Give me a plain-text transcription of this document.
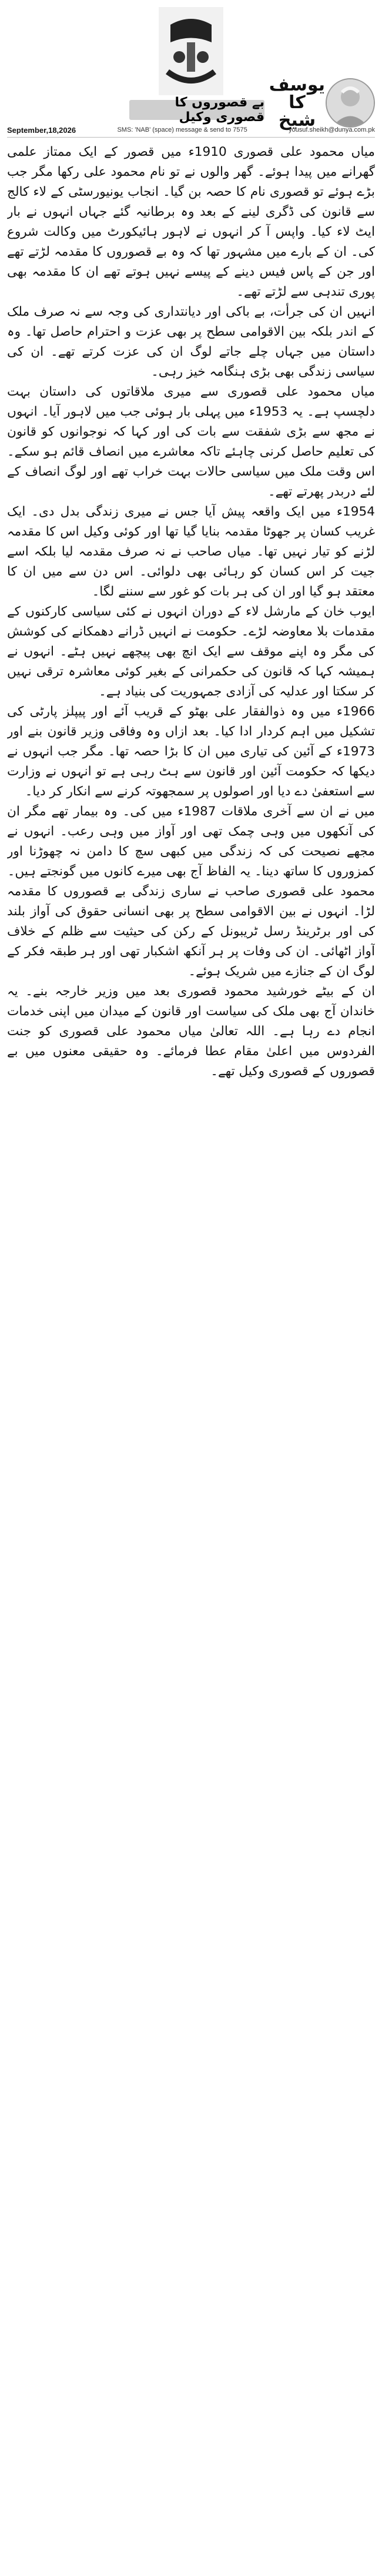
بے قصوروں کا قصوری وکیل
یوسف کا شیخ
September,18,2026	SMS: 'NAB' (space) message & send to 7575	yousuf.sheikh@dunya.com.pk

میاں محمود علی قصوری 1910ء میں قصور کے ایک ممتاز علمی گھرانے میں پیدا ہوئے۔ گھر والوں نے تو نام محمود علی رکھا مگر جب بڑے ہوئے تو قصوری نام کا حصہ بن گیا۔ انجاب یونیورسٹی کے لاء کالج سے قانون کی ڈگری لینے کے بعد وہ برطانیہ گئے جہاں انہوں نے بار ایٹ لاء کیا۔ واپس آ کر انہوں نے لاہور ہائیکورٹ میں وکالت شروع کی۔ ان کے بارے میں مشہور تھا کہ وہ بے قصوروں کا مقدمہ لڑتے تھے اور جن کے پاس فیس دینے کے پیسے نہیں ہوتے تھے ان کا مقدمہ بھی پوری تندہی سے لڑتے تھے۔

انہیں ان کی جرأت، بے باکی اور دیانتداری کی وجہ سے نہ صرف ملک کے اندر بلکہ بین الاقوامی سطح پر بھی عزت و احترام حاصل تھا۔ وہ داستان میں جہاں چلے جاتے لوگ ان کی عزت کرتے تھے۔ ان کی سیاسی زندگی بھی بڑی ہنگامہ خیز رہی۔

میاں محمود علی قصوری سے میری ملاقاتوں کی داستان بہت دلچسپ ہے۔ یہ 1953ء میں پہلی بار ہوئی جب میں لاہور آیا۔ انہوں نے مجھ سے بڑی شفقت سے بات کی اور کہا کہ نوجوانوں کو قانون کی تعلیم حاصل کرنی چاہئے تاکہ معاشرے میں انصاف قائم ہو سکے۔ اس وقت ملک میں سیاسی حالات بہت خراب تھے اور لوگ انصاف کے لئے دربدر پھرتے تھے۔

1954ء میں ایک واقعہ پیش آیا جس نے میری زندگی بدل دی۔ ایک غریب کسان پر جھوٹا مقدمہ بنایا گیا تھا اور کوئی وکیل اس کا مقدمہ لڑنے کو تیار نہیں تھا۔ میاں صاحب نے نہ صرف مقدمہ لیا بلکہ اسے جیت کر اس کسان کو رہائی بھی دلوائی۔ اس دن سے میں ان کا معتقد ہو گیا اور ان کی ہر بات کو غور سے سننے لگا۔

ایوب خان کے مارشل لاء کے دوران انہوں نے کئی سیاسی کارکنوں کے مقدمات بلا معاوضہ لڑے۔ حکومت نے انہیں ڈرانے دھمکانے کی کوشش کی مگر وہ اپنے موقف سے ایک انچ بھی پیچھے نہیں ہٹے۔ انہوں نے ہمیشہ کہا کہ قانون کی حکمرانی کے بغیر کوئی معاشرہ ترقی نہیں کر سکتا اور عدلیہ کی آزادی جمہوریت کی بنیاد ہے۔

1966ء میں وہ ذوالفقار علی بھٹو کے قریب آئے اور پیپلز پارٹی کی تشکیل میں اہم کردار ادا کیا۔ بعد ازاں وہ وفاقی وزیر قانون بنے اور 1973ء کے آئین کی تیاری میں ان کا بڑا حصہ تھا۔ مگر جب انہوں نے دیکھا کہ حکومت آئین اور قانون سے ہٹ رہی ہے تو انہوں نے وزارت سے استعفیٰ دے دیا اور اصولوں پر سمجھوتہ کرنے سے انکار کر دیا۔

میں نے ان سے آخری ملاقات 1987ء میں کی۔ وہ بیمار تھے مگر ان کی آنکھوں میں وہی چمک تھی اور آواز میں وہی رعب۔ انہوں نے مجھے نصیحت کی کہ زندگی میں کبھی سچ کا دامن نہ چھوڑنا اور کمزوروں کا ساتھ دینا۔ یہ الفاظ آج بھی میرے کانوں میں گونجتے ہیں۔

محمود علی قصوری صاحب نے ساری زندگی بے قصوروں کا مقدمہ لڑا۔ انہوں نے بین الاقوامی سطح پر بھی انسانی حقوق کی آواز بلند کی اور برٹرینڈ رسل ٹریبونل کے رکن کی حیثیت سے ظلم کے خلاف آواز اٹھائی۔ ان کی وفات پر ہر آنکھ اشکبار تھی اور ہر طبقہ فکر کے لوگ ان کے جنازے میں شریک ہوئے۔

ان کے بیٹے خورشید محمود قصوری بعد میں وزیر خارجہ بنے۔ یہ خاندان آج بھی ملک کی سیاست اور قانون کے میدان میں اپنی خدمات انجام دے رہا ہے۔ اللہ تعالیٰ میاں محمود علی قصوری کو جنت الفردوس میں اعلیٰ مقام عطا فرمائے۔ وہ حقیقی معنوں میں بے قصوروں کے قصوری وکیل تھے۔
